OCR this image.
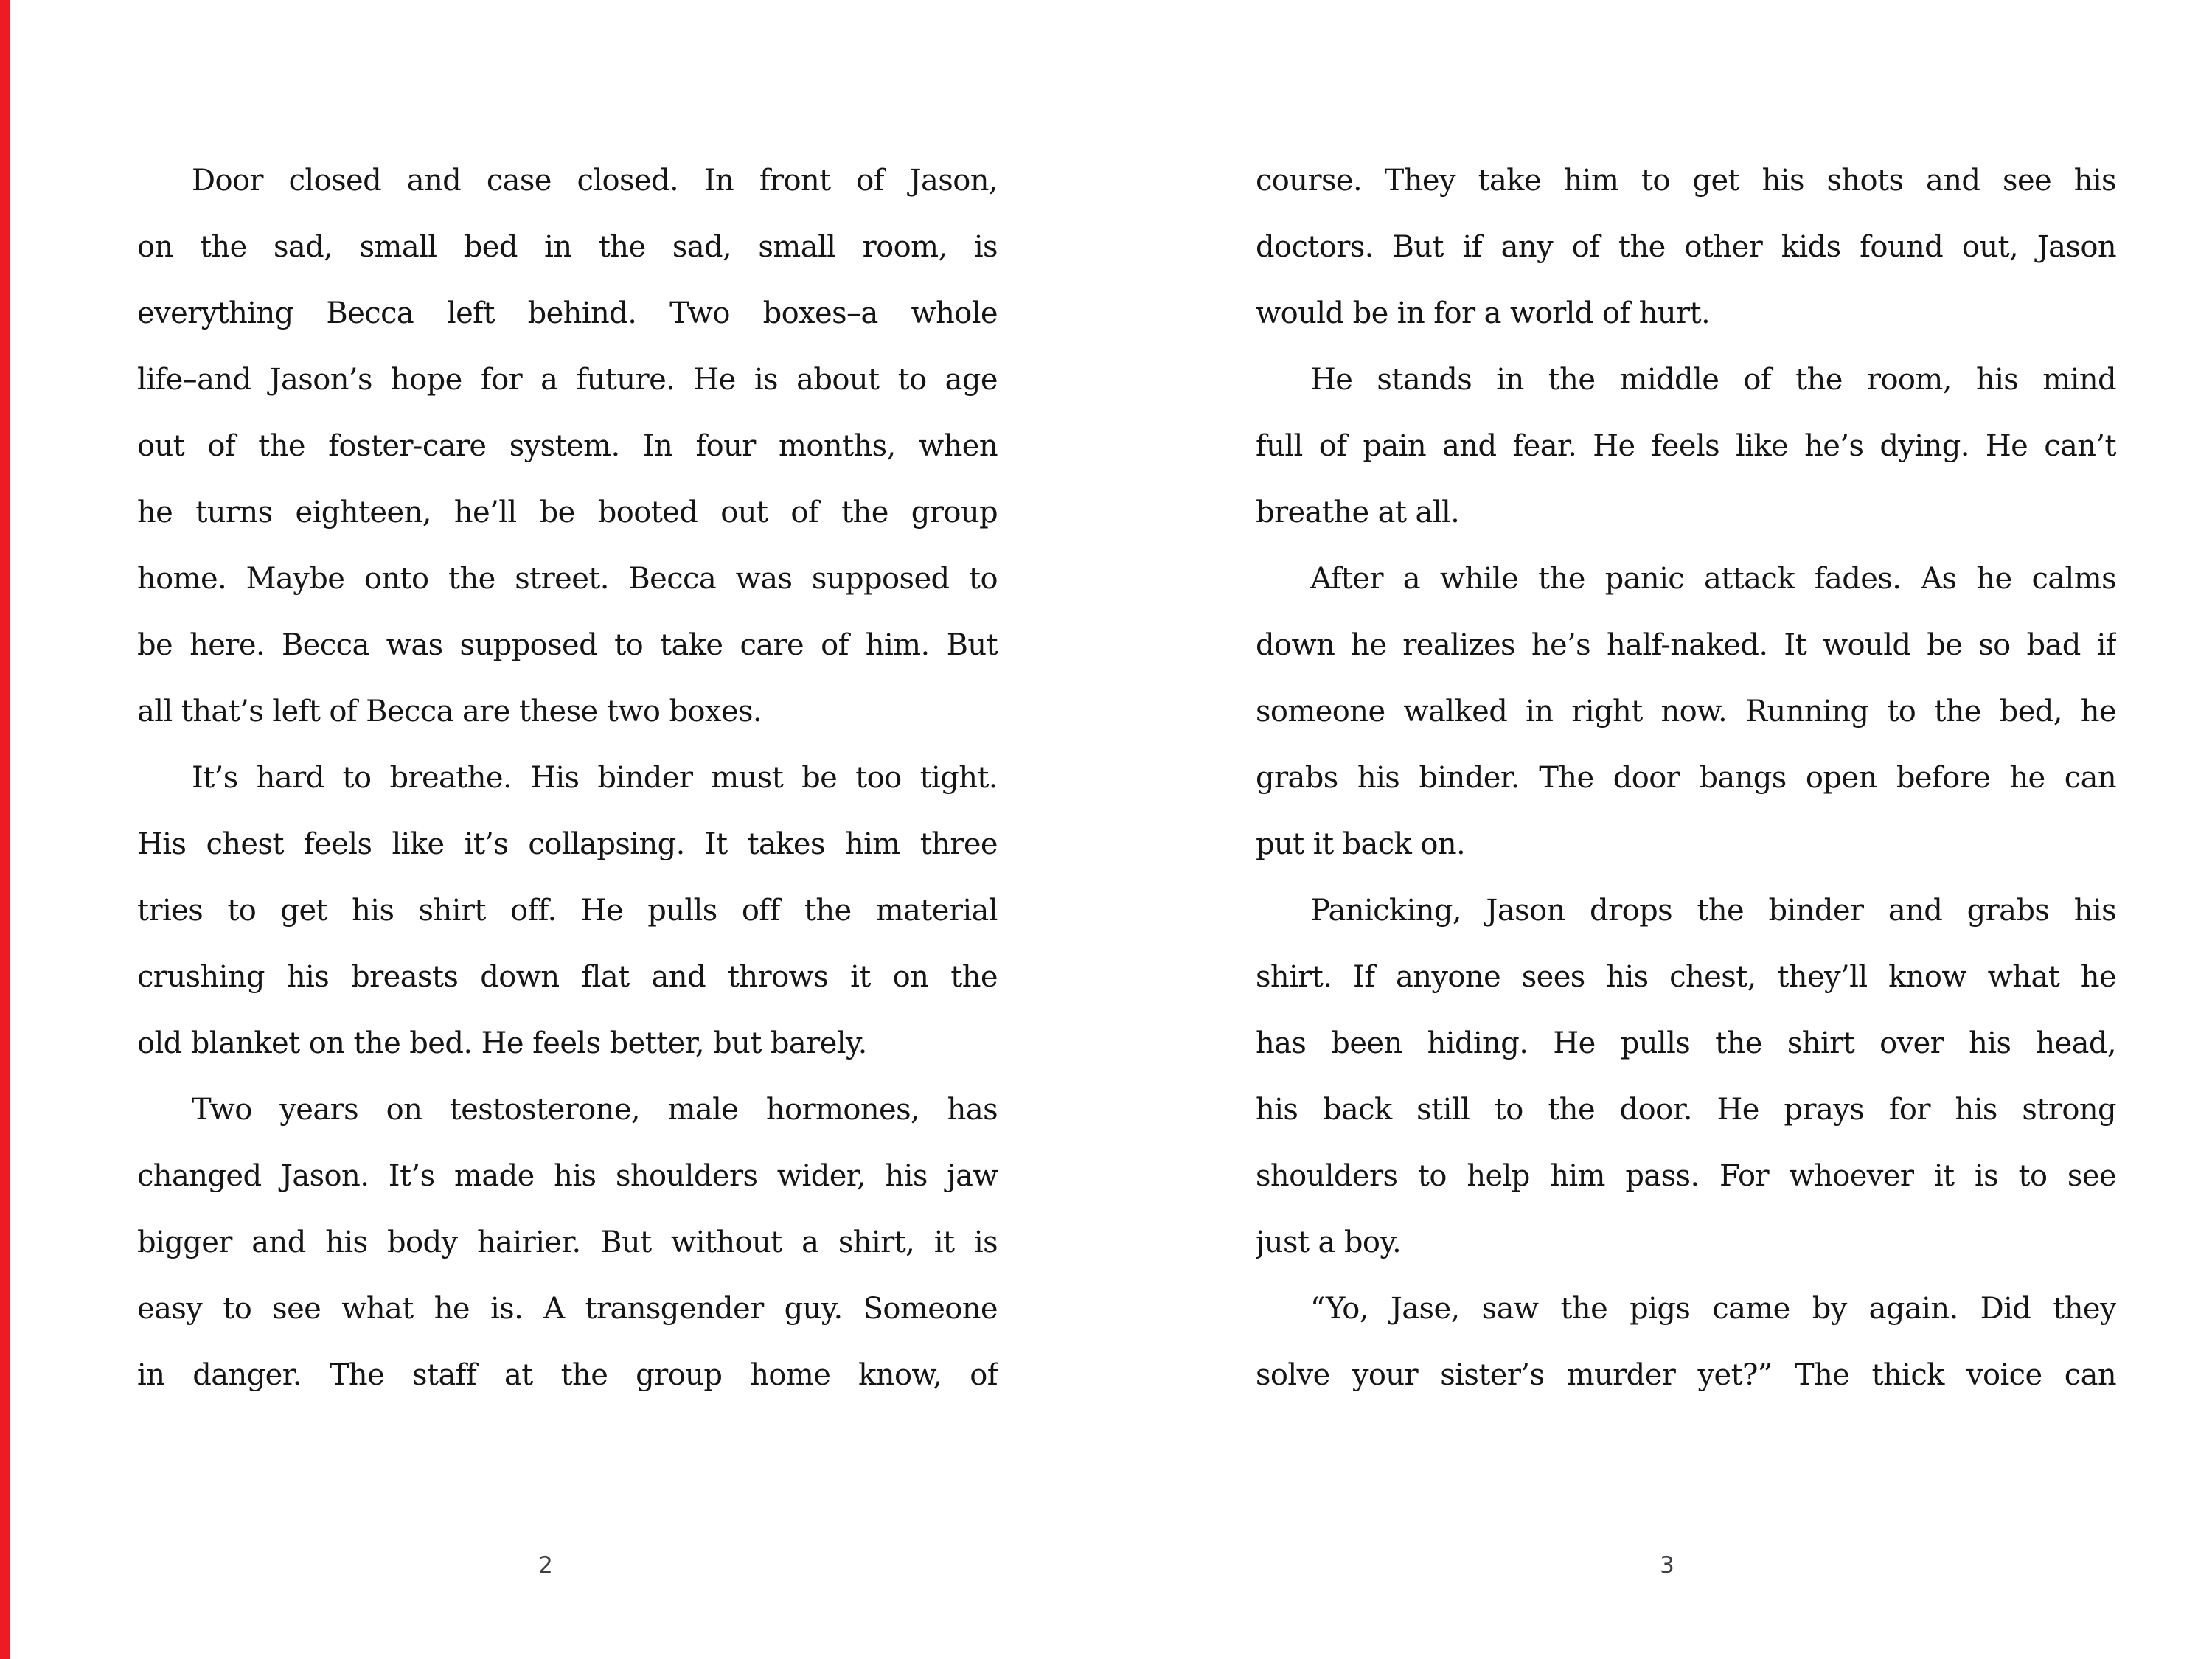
Door closed and case closed. In front of Jason,
on the sad, small bed in the sad, small room, is
everything Becca left behind. Two boxes–a whole
life–and Jason’s hope for a future. He is about to age
out of the foster-care system. In four months, when
he turns eighteen, he’ll be booted out of the group
home. Maybe onto the street. Becca was supposed to
be here. Becca was supposed to take care of him. But
all that’s left of Becca are these two boxes.
It’s hard to breathe. His binder must be too tight.
His chest feels like it’s collapsing. It takes him three
tries to get his shirt off. He pulls off the material
crushing his breasts down flat and throws it on the
old blanket on the bed. He feels better, but barely.
Two years on testosterone, male hormones, has
changed Jason. It’s made his shoulders wider, his jaw
bigger and his body hairier. But without a shirt, it is
easy to see what he is. A transgender guy. Someone
in danger. The staff at the group home know, of
course. They take him to get his shots and see his
doctors. But if any of the other kids found out, Jason
would be in for a world of hurt.
He stands in the middle of the room, his mind
full of pain and fear. He feels like he’s dying. He can’t
breathe at all.
After a while the panic attack fades. As he calms
down he realizes he’s half-naked. It would be so bad if
someone walked in right now. Running to the bed, he
grabs his binder. The door bangs open before he can
put it back on.
Panicking, Jason drops the binder and grabs his
shirt. If anyone sees his chest, they’ll know what he
has been hiding. He pulls the shirt over his head,
his back still to the door. He prays for his strong
shoulders to help him pass. For whoever it is to see
just a boy.
“Yo, Jase, saw the pigs came by again. Did they
solve your sister’s murder yet?” The thick voice can
2	3
